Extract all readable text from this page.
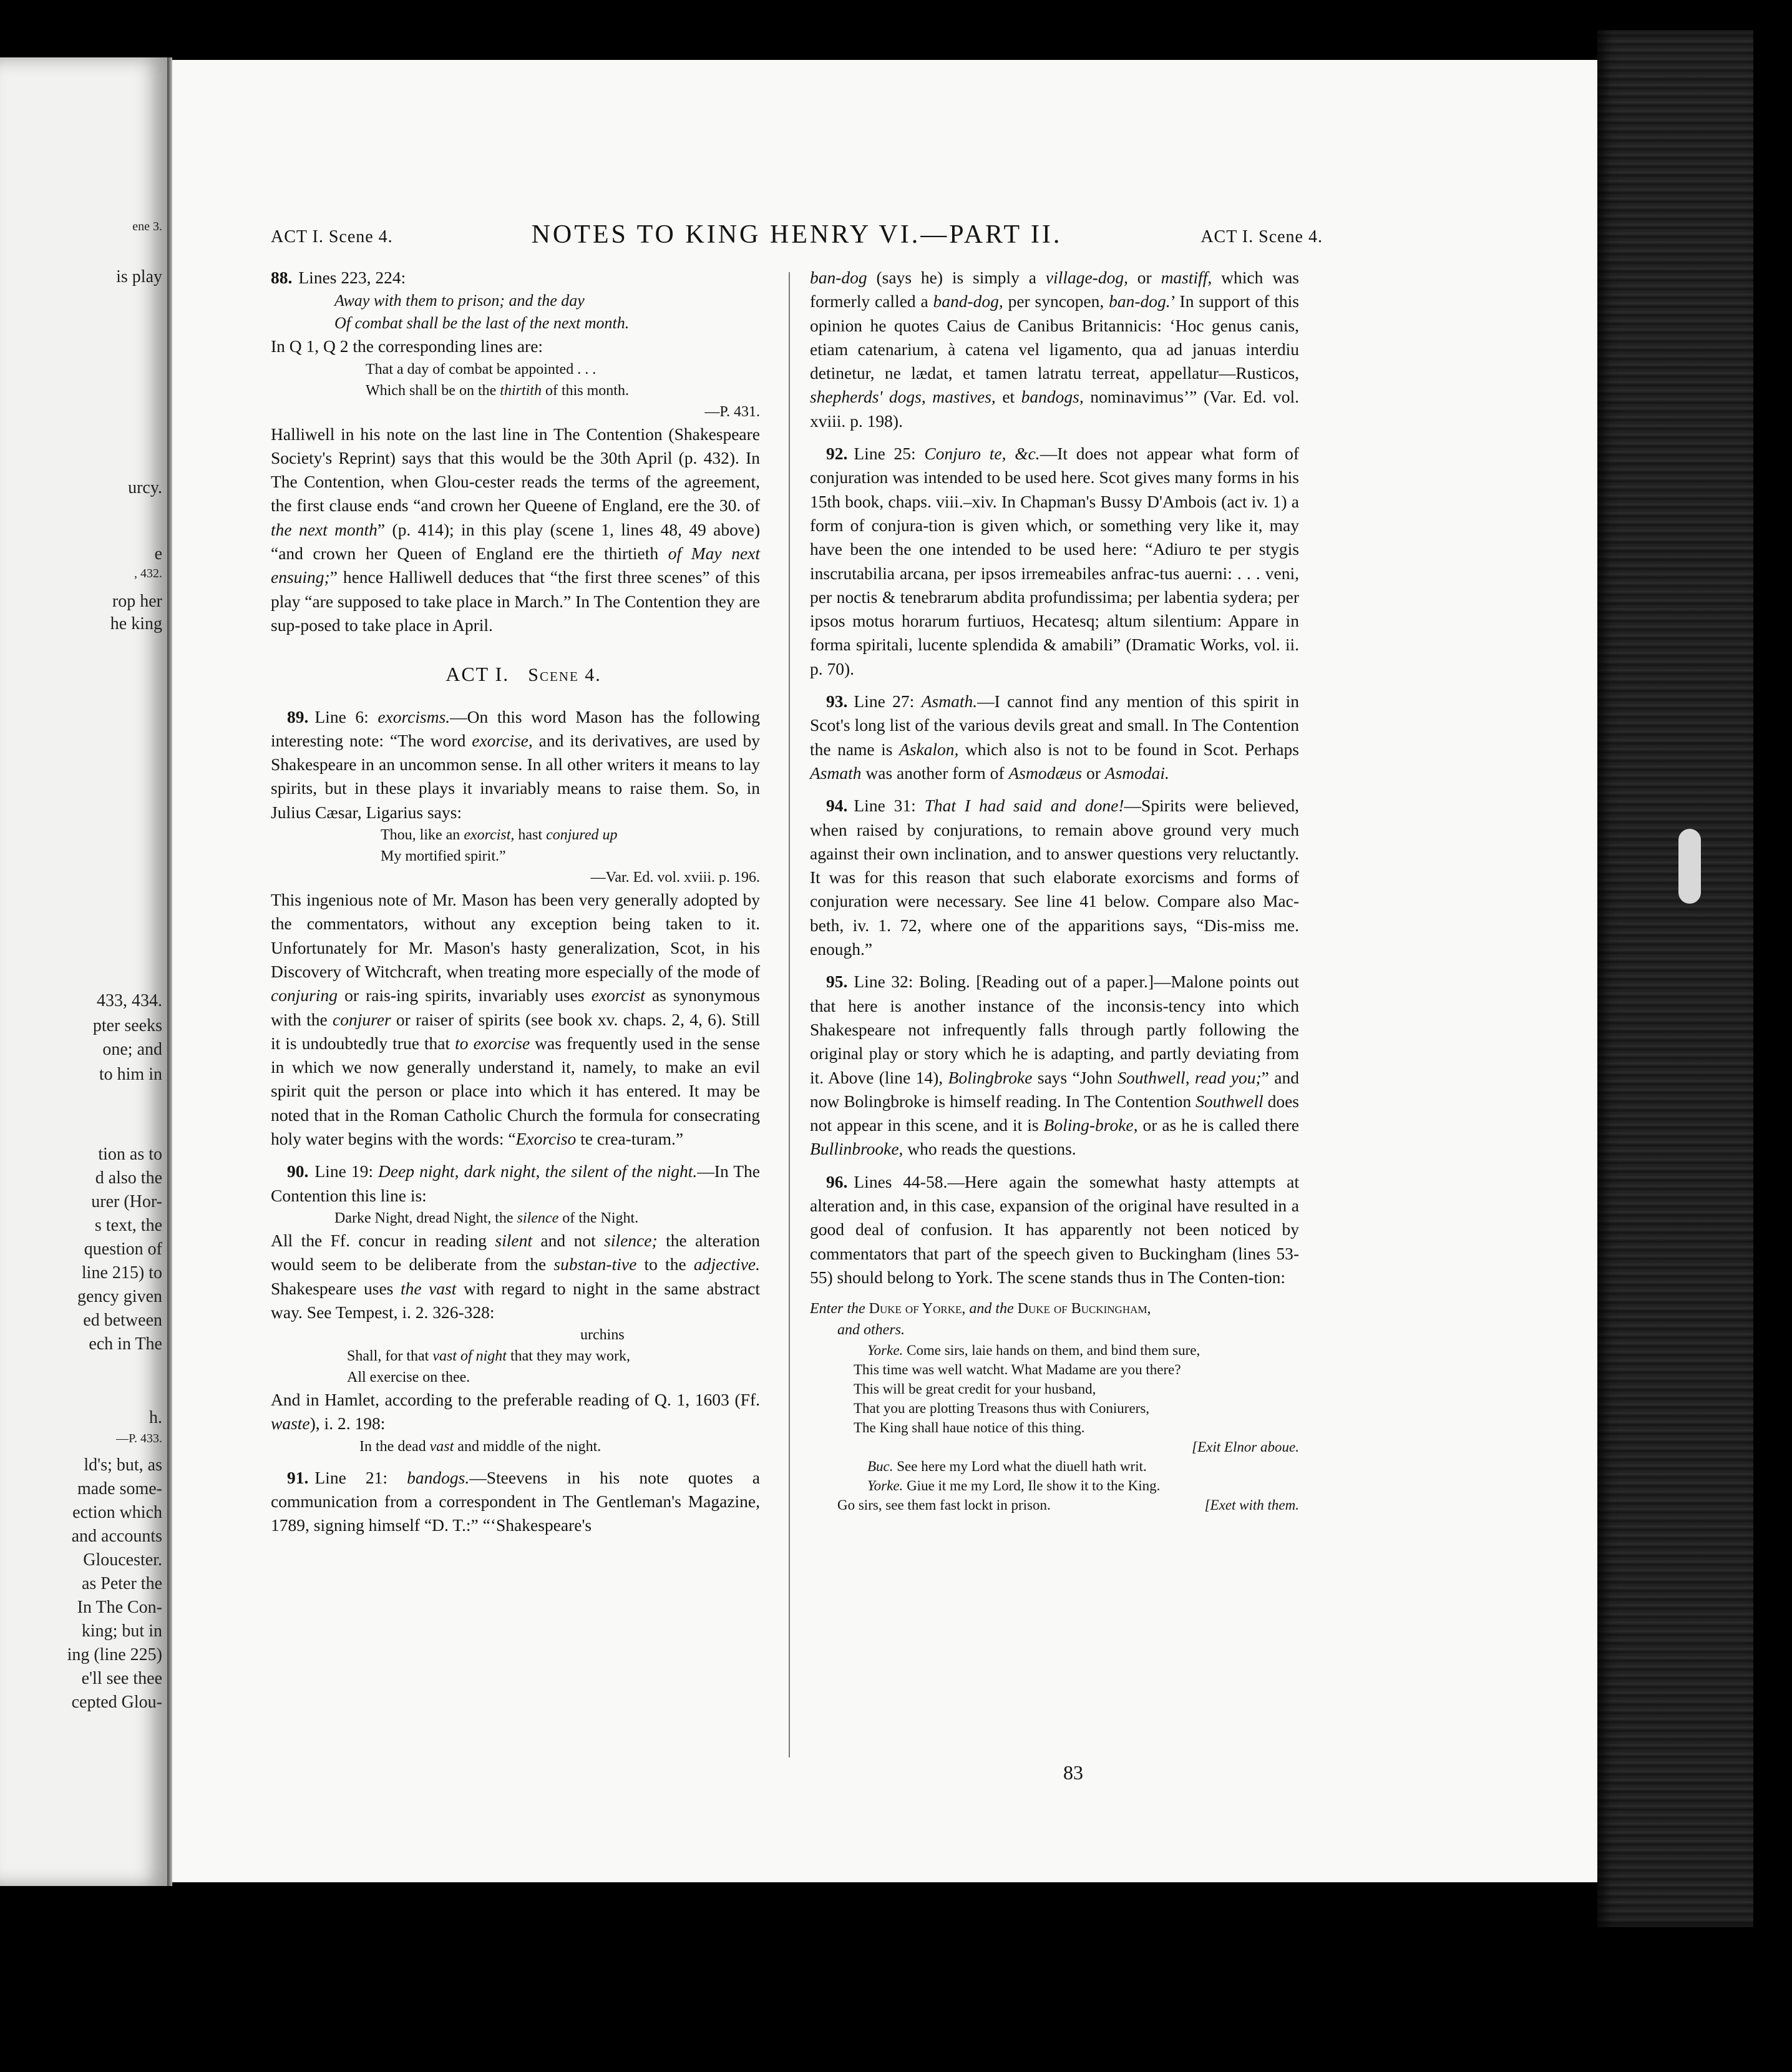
ene 3.
is play
urcy.
e
, 432.
rop her
he king
433, 434.
pter seeks
one; and
to him in
tion as to
d also the
urer (Hor-
s text, the
question of
line 215) to
gency given
ed between
ech in The
h.
—P. 433.
ld's; but, as
made some-
ection which
and accounts
Gloucester.
as Peter the
In The Con-
king; but in
ing (line 225)
e'll see thee
cepted Glou-
ACT I. Scene 4.	NOTES TO KING HENRY VI.—PART II.	ACT I. Scene 4.

88. Lines 223, 224:

Away with them to prison; and the day

Of combat shall be the last of the next month.

In Q 1, Q 2 the corresponding lines are:

That a day of combat be appointed . . .

Which shall be on the thirtith of this month.

—P. 431.

Halliwell in his note on the last line in The Contention (Shakespeare Society's Reprint) says that this would be the 30th April (p. 432). In The Contention, when Glou-cester reads the terms of the agreement, the first clause ends “and crown her Queene of England, ere the 30. of the next month” (p. 414); in this play (scene 1, lines 48, 49 above) “and crown her Queen of England ere the thirtieth of May next ensuing;” hence Halliwell deduces that “the first three scenes” of this play “are supposed to take place in March.” In The Contention they are sup-posed to take place in April.

ACT I. Scene 4.

89. Line 6: exorcisms.—On this word Mason has the following interesting note: “The word exorcise, and its derivatives, are used by Shakespeare in an uncommon sense. In all other writers it means to lay spirits, but in these plays it invariably means to raise them. So, in Julius Cæsar, Ligarius says:

Thou, like an exorcist, hast conjured up

My mortified spirit.”

—Var. Ed. vol. xviii. p. 196.

This ingenious note of Mr. Mason has been very generally adopted by the commentators, without any exception being taken to it. Unfortunately for Mr. Mason's hasty generalization, Scot, in his Discovery of Witchcraft, when treating more especially of the mode of conjuring or rais-ing spirits, invariably uses exorcist as synonymous with the conjurer or raiser of spirits (see book xv. chaps. 2, 4, 6). Still it is undoubtedly true that to exorcise was frequently used in the sense in which we now generally understand it, namely, to make an evil spirit quit the person or place into which it has entered. It may be noted that in the Roman Catholic Church the formula for consecrating holy water begins with the words: “Exorciso te crea-turam.”

90. Line 19: Deep night, dark night, the silent of the night.—In The Contention this line is:

Darke Night, dread Night, the silence of the Night.

All the Ff. concur in reading silent and not silence; the alteration would seem to be deliberate from the substan-tive to the adjective. Shakespeare uses the vast with regard to night in the same abstract way. See Tempest, i. 2. 326-328:

urchins

Shall, for that vast of night that they may work,

All exercise on thee.

And in Hamlet, according to the preferable reading of Q. 1, 1603 (Ff. waste), i. 2. 198:

In the dead vast and middle of the night.

91. Line 21: bandogs.—Steevens in his note quotes a communication from a correspondent in The Gentleman's Magazine, 1789, signing himself “D. T.:” “‘Shakespeare's

ban-dog (says he) is simply a village-dog, or mastiff, which was formerly called a band-dog, per syncopen, ban-dog.’ In support of this opinion he quotes Caius de Canibus Britannicis: ‘Hoc genus canis, etiam catenarium, à catena vel ligamento, qua ad januas interdiu detinetur, ne lædat, et tamen latratu terreat, appellatur—Rusticos, shepherds' dogs, mastives, et bandogs, nominavimus’” (Var. Ed. vol. xviii. p. 198).

92. Line 25: Conjuro te, &c.—It does not appear what form of conjuration was intended to be used here. Scot gives many forms in his 15th book, chaps. viii.–xiv. In Chapman's Bussy D'Ambois (act iv. 1) a form of conjura-tion is given which, or something very like it, may have been the one intended to be used here: “Adiuro te per stygis inscrutabilia arcana, per ipsos irremeabiles anfrac-tus auerni: . . . veni, per noctis & tenebrarum abdita profundissima; per labentia sydera; per ipsos motus horarum furtiuos, Hecatesq; altum silentium: Appare in forma spiritali, lucente splendida & amabili” (Dramatic Works, vol. ii. p. 70).

93. Line 27: Asmath.—I cannot find any mention of this spirit in Scot's long list of the various devils great and small. In The Contention the name is Askalon, which also is not to be found in Scot. Perhaps Asmath was another form of Asmodæus or Asmodai.

94. Line 31: That I had said and done!—Spirits were believed, when raised by conjurations, to remain above ground very much against their own inclination, and to answer questions very reluctantly. It was for this reason that such elaborate exorcisms and forms of conjuration were necessary. See line 41 below. Compare also Mac-beth, iv. 1. 72, where one of the apparitions says, “Dis-miss me. enough.”

95. Line 32: Boling. [Reading out of a paper.]—Malone points out that here is another instance of the inconsis-tency into which Shakespeare not infrequently falls through partly following the original play or story which he is adapting, and partly deviating from it. Above (line 14), Bolingbroke says “John Southwell, read you;” and now Bolingbroke is himself reading. In The Contention Southwell does not appear in this scene, and it is Boling-broke, or as he is called there Bullinbrooke, who reads the questions.

96. Lines 44-58.—Here again the somewhat hasty attempts at alteration and, in this case, expansion of the original have resulted in a good deal of confusion. It has apparently not been noticed by commentators that part of the speech given to Buckingham (lines 53-55) should belong to York. The scene stands thus in The Conten-tion:

Enter the Duke of Yorke, and the Duke of Buckingham,

and others.

Yorke. Come sirs, laie hands on them, and bind them sure,

This time was well watcht. What Madame are you there?

This will be great credit for your husband,

That you are plotting Treasons thus with Coniurers,

The King shall haue notice of this thing.

[Exit Elnor aboue.

Buc. See here my Lord what the diuell hath writ.

Yorke. Giue it me my Lord, Ile show it to the King.

Go sirs, see them fast lockt in prison.	[Exet with them.
83
